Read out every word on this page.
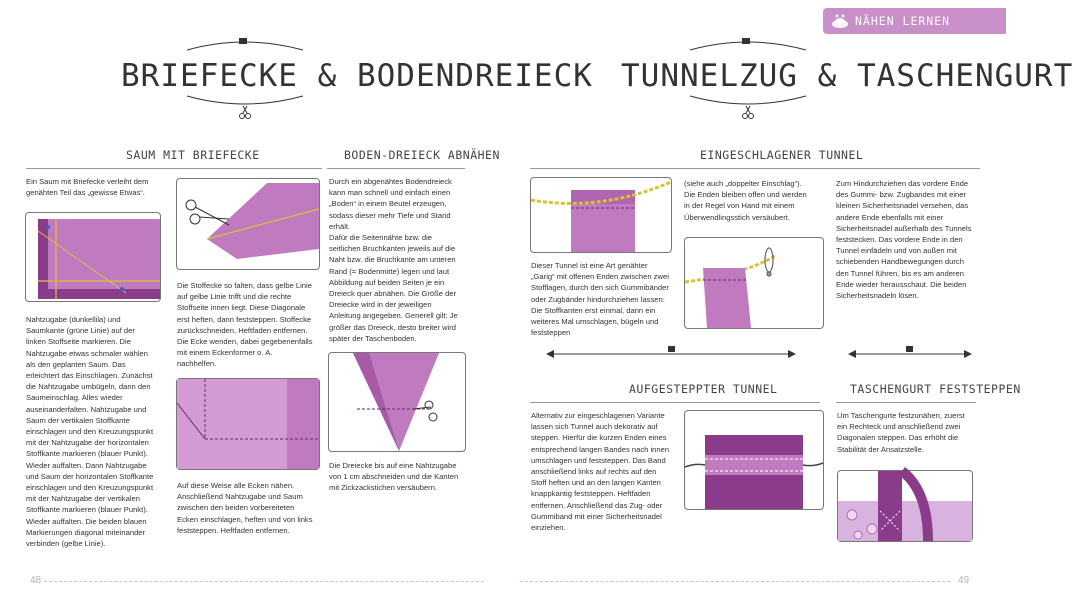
NÄHEN LERNEN
BRIEFECKE & BODENDREIECK
SAUM MIT BRIEFECKE
Ein Saum mit Briefecke verleiht dem genähten Teil das „gewisse Etwas“.
Nahtzugabe (dunkellila) und Saumkante (grüne Linie) auf der linken Stoffseite markieren. Die Nahtzugabe etwas schmaler wählen als den geplanten Saum. Das erleichtert das Einschlagen. Zunächst die Nahtzugabe umbügeln, dann den Saumeinschlag. Alles wieder auseinanderfalten. Nahtzugabe und Saum der vertikalen Stoffkante einschlagen und den Kreuzungspunkt mit der Nahtzugabe der horizontalen Stoffkante markieren (blauer Punkt). Wieder auffalten. Dann Nahtzugabe und Saum der horizontalen Stoffkante einschlagen und den Kreuzungspunkt mit der Nahtzugabe der vertikalen Stoffkante markieren (blauer Punkt). Wieder auffalten. Die beiden blauen Markierungen diagonal miteinander verbinden (gelbe Linie).
Die Stoffecke so falten, dass gelbe Linie auf gelbe Linie trifft und die rechte Stoffseite innen liegt. Diese Diagonale erst heften, dann feststeppen. Stoffecke zurückschneiden, Heftfaden entfernen. Die Ecke wenden, dabei gegebenenfalls mit einem Eckenformer o. A. nachhelfen.
Auf diese Weise alle Ecken nähen. Anschließend Nahtzugabe und Saum zwischen den beiden vorbereiteten Ecken einschlagen, heften und von links feststeppen. Heftfaden entfernen.
BODEN-DREIECK ABNÄHEN
Durch ein abgenähtes Bodendreieck kann man schnell und einfach einen „Boden“ in einem Beutel erzeugen, sodass dieser mehr Tiefe und Stand erhält.
Dafür die Seitennähte bzw. die seitlichen Bruchkanten jeweils auf die Naht bzw. die Bruchkante am unteren Rand (= Bodenmitte) legen und laut Abbildung auf beiden Seiten je ein Dreieck quer abnähen. Die Größe der Dreiecke wird in der jeweiligen Anleitung angegeben. Generell gilt: Je größer das Dreieck, desto breiter wird später der Taschenboden.
Die Dreiecke bis auf eine Nahtzugabe von 1 cm abschneiden und die Kanten mit Zickzackstichen versäubern.
48
TUNNELZUG & TASCHENGURT
EINGESCHLAGENER TUNNEL
(siehe auch „doppelter Einschlag“). Die Enden bleiben offen und werden in der Regel von Hand mit einem Überwendlingsstich versäubert.
Dieser Tunnel ist eine Art genähter „Garig“ mit offenen Enden zwischen zwei Stofflagen, durch den sich Gummibänder oder Zugbänder hindurchziehen lassen: Die Stoffkanten erst einmal, dann ein weiteres Mal umschlagen, bügeln und feststeppen
Zum Hindurchziehen das vordere Ende des Gummi- bzw. Zugbandes mit einer kleinen Sicherheitsnadel versehen, das andere Ende ebenfalls mit einer Sicherheitsnadel außerhalb des Tunnels feststecken. Das vordere Ende in den Tunnel einfädeln und von außen mit schiebenden Handbewegungen durch den Tunnel führen, bis es am anderen Ende wieder herausschaut. Die beiden Sicherheitsnadeln lösen.
AUFGESTEPPTER TUNNEL
Alternativ zur eingeschlagenen Variante lassen sich Tunnel auch dekorativ auf steppen. Hierfür die kurzen Enden eines entsprechend langen Bandes nach innen umschlagen und feststeppen. Das Band anschließend links auf rechts auf den Stoff heften und an den langen Kanten knappkantig feststeppen. Heftfaden entfernen. Anschließend das Zug- oder Gummiband mit einer Sicherheitsnadel einziehen.
TASCHENGURT FESTSTEPPEN
Um Taschengurte festzunähen, zuerst ein Rechteck und anschließend zwei Diagonalen steppen. Das erhöht die Stabilität der Ansatzstelle.
49
